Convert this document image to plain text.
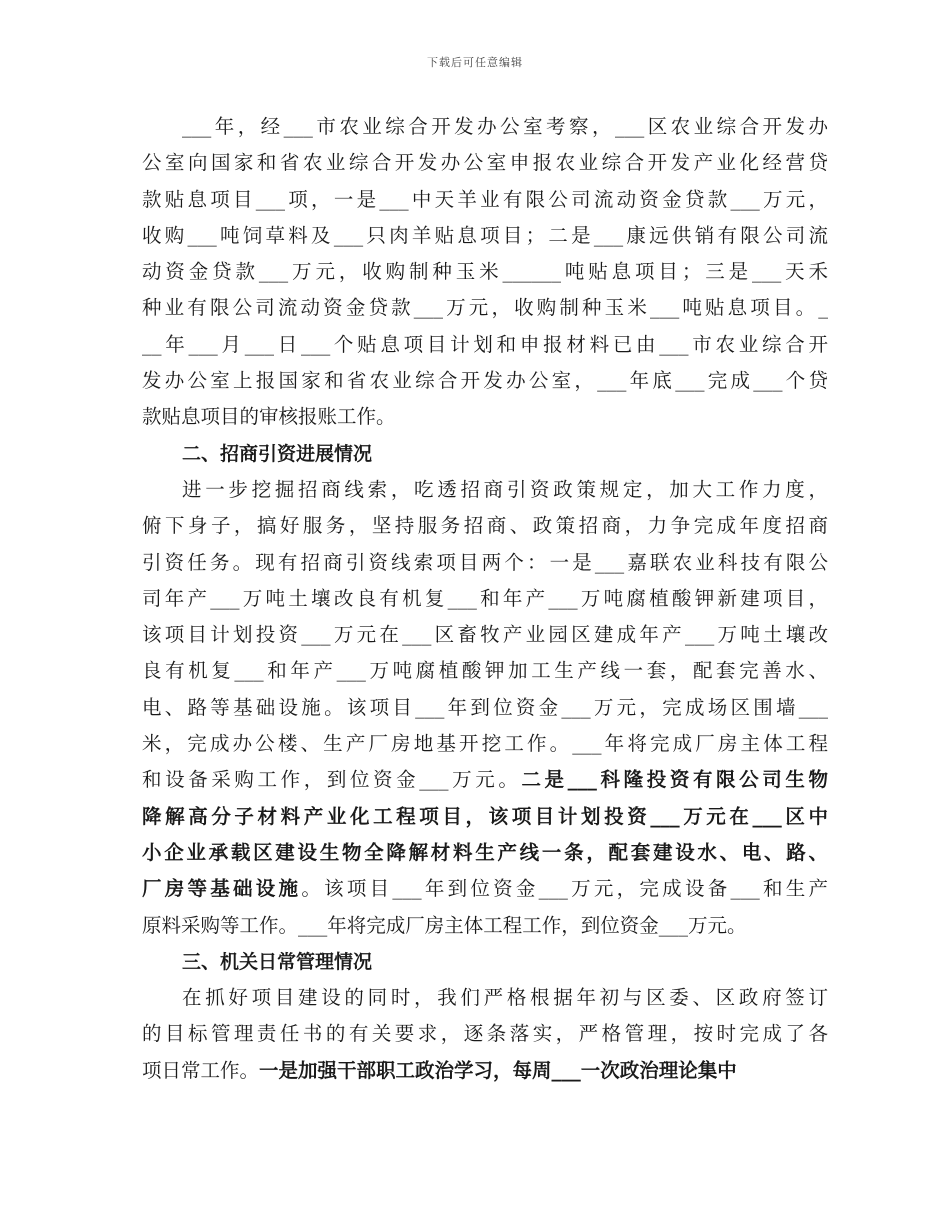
下载后可任意编辑
___年，经___市农业综合开发办公室考察，___区农业综合开发办
公室向国家和省农业综合开发办公室申报农业综合开发产业化经营贷
款贴息项目___项，一是___中天羊业有限公司流动资金贷款___万元，
收购___吨饲草料及___只肉羊贴息项目；二是___康远供销有限公司流
动资金贷款___万元，收购制种玉米______吨贴息项目；三是___天禾
种业有限公司流动资金贷款___万元，收购制种玉米___吨贴息项目。_
__年___月___日___个贴息项目计划和申报材料已由___市农业综合开
发办公室上报国家和省农业综合开发办公室，___年底___完成___个贷
款贴息项目的审核报账工作。
二、招商引资进展情况
进一步挖掘招商线索，吃透招商引资政策规定，加大工作力度，
俯下身子，搞好服务，坚持服务招商、政策招商，力争完成年度招商
引资任务。现有招商引资线索项目两个：一是___嘉联农业科技有限公
司年产___万吨土壤改良有机复___和年产___万吨腐植酸钾新建项目，
该项目计划投资___万元在___区畜牧产业园区建成年产___万吨土壤改
良有机复___和年产___万吨腐植酸钾加工生产线一套，配套完善水、
电、路等基础设施。该项目___年到位资金___万元，完成场区围墙___
米，完成办公楼、生产厂房地基开挖工作。___年将完成厂房主体工程
和设备采购工作，到位资金___万元。二是___科隆投资有限公司生物
降解高分子材料产业化工程项目，该项目计划投资___万元在___区中
小企业承载区建设生物全降解材料生产线一条，配套建设水、电、路、
厂房等基础设施。该项目___年到位资金___万元，完成设备___和生产
原料采购等工作。___年将完成厂房主体工程工作，到位资金___万元。
三、机关日常管理情况
在抓好项目建设的同时，我们严格根据年初与区委、区政府签订
的目标管理责任书的有关要求，逐条落实，严格管理，按时完成了各
项日常工作。一是加强干部职工政治学习，每周___一次政治理论集中
